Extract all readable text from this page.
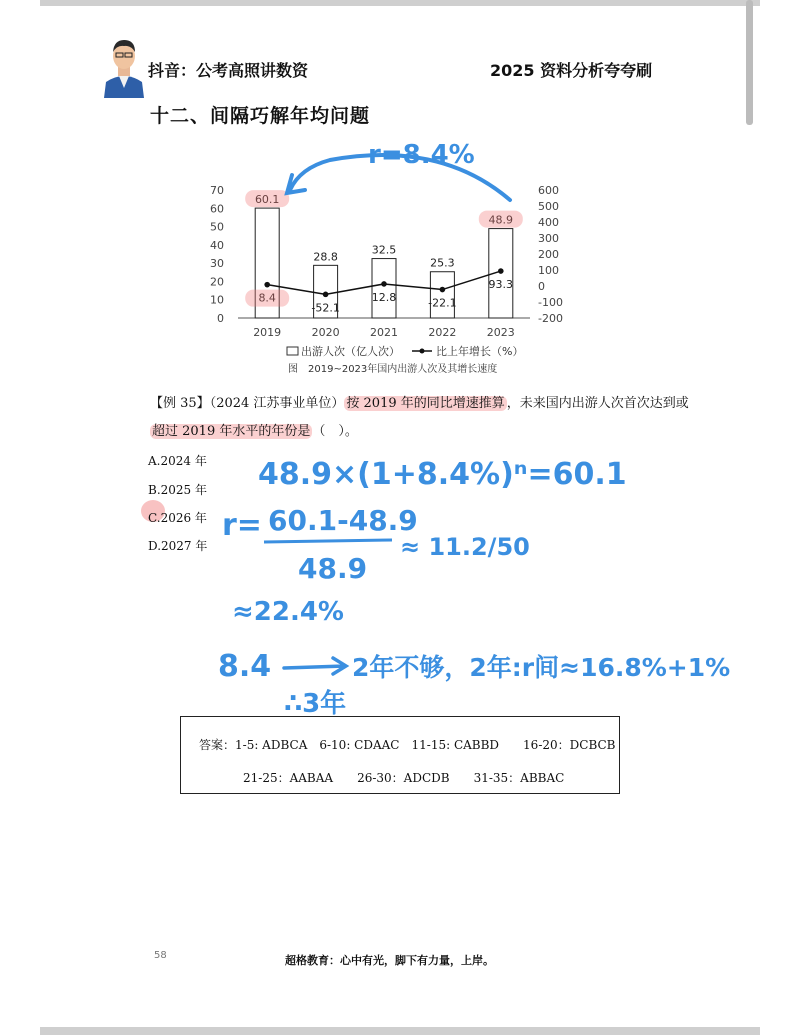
抖音：公考高照讲数资	2025 资料分析夸夸刷
十二、间隔巧解年均问题
0
10
20
30
40
50
60
70
-200
-100
0
100
200
300
400
500
600
2019	2020
28.8
2021
32.5
2022
25.3
2023
-52.1
12.8	-22.1
93.3
出游人次（亿人次）	比上年增长（%）
图　2019~2023年国内出游人次及其增长速度
r=8.4%
48.9×(1+8.4%)ⁿ=60.1
r= 60.1-48.9
48.9
≈ 11.2/50
≈22.4%
8.4	2年不够，2年:r间≈16.8%+1%
∴3年
【例 35】（2024 江苏事业单位） 按 2019 年的同比增速推算 ，未来国内出游人次首次达到或
超过 2019 年水平的年份是 （　）。
A.2024 年
B.2025 年
C.2026 年
D.2027 年
答案：1-5: ADBCA　6-10: CDAAC　11-15: CABBD　　16-20：DCBCB
21-25：AABAA　　26-30：ADCDB　　31-35：ABBAC
58	超格教育：心中有光，脚下有力量，上岸。
